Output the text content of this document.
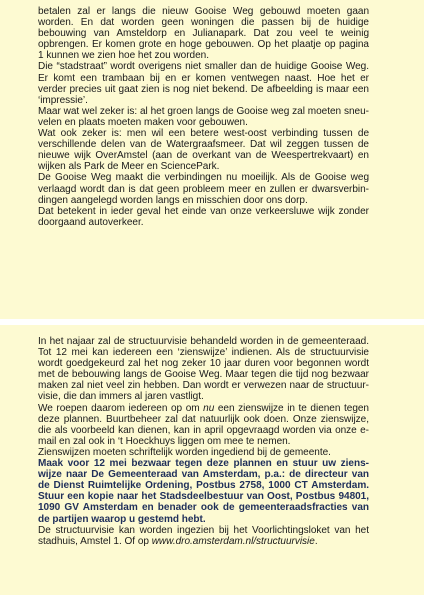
betalen zal er langs die nieuw Gooise Weg gebouwd moeten gaan worden. En dat worden geen woningen die passen bij de huidige bebouwing van Amsteldorp en Julianapark. Dat zou veel te weinig opbrengen. Er komen grote en hoge gebouwen. Op het plaatje op pagina 1 kunnen we zien hoe het zou worden.

Die “stadstraat” wordt overigens niet smaller dan de huidige Gooise Weg. Er komt een trambaan bij en er komen ventwegen naast. Hoe het er verder precies uit gaat zien is nog niet bekend. De afbeelding is maar een ‘impressie’.

Maar wat wel zeker is: al het groen langs de Gooise weg zal moeten sneuvelen en plaats moeten maken voor gebouwen.

Wat ook zeker is: men wil een betere west-oost verbinding tussen de verschillende delen van de Watergraafsmeer. Dat wil zeggen tussen de nieuwe wijk OverAmstel (aan de overkant van de Weespertrekvaart) en wijken als Park de Meer en SciencePark.

De Gooise Weg maakt die verbindingen nu moeilijk. Als de Gooise weg verlaagd wordt dan is dat geen probleem meer en zullen er dwarsverbindingen aangelegd worden langs en misschien door ons dorp.

Dat betekent in ieder geval het einde van onze verkeersluwe wijk zonder doorgaand autoverkeer.

In het najaar zal de structuurvisie behandeld worden in de gemeenteraad. Tot 12 mei kan iedereen een ‘zienswijze’ indienen. Als de structuurvisie wordt goedgekeurd zal het nog zeker 10 jaar duren voor begonnen wordt met de bebouwing langs de Gooise Weg. Maar tegen die tijd nog bezwaar maken zal niet veel zin hebben. Dan wordt er verwezen naar de structuurvisie, die dan immers al jaren vastligt.

We roepen daarom iedereen op om nu een zienswijze in te dienen tegen deze plannen. Buurtbeheer zal dat natuurlijk ook doen. Onze zienswijze, die als voorbeeld kan dienen, kan in april opgevraagd worden via onze e-mail en zal ook in ‘t Hoeckhuys liggen om mee te nemen.

Zienswijzen moeten schriftelijk worden ingediend bij de gemeente.

Maak voor 12 mei bezwaar tegen deze plannen en stuur uw zienswijze naar De Gemeenteraad van Amsterdam, p.a.: de directeur van de Dienst Ruimtelijke Ordening, Postbus 2758, 1000 CT Amsterdam. Stuur een kopie naar het Stadsdeelbestuur van Oost, Postbus 94801, 1090 GV Amsterdam en benader ook de gemeenteraadsfracties van de partijen waarop u gestemd hebt.

De structuurvisie kan worden ingezien bij het Voorlichtingsloket van het stadhuis, Amstel 1. Of op www.dro.amsterdam.nl/structuurvisie.
